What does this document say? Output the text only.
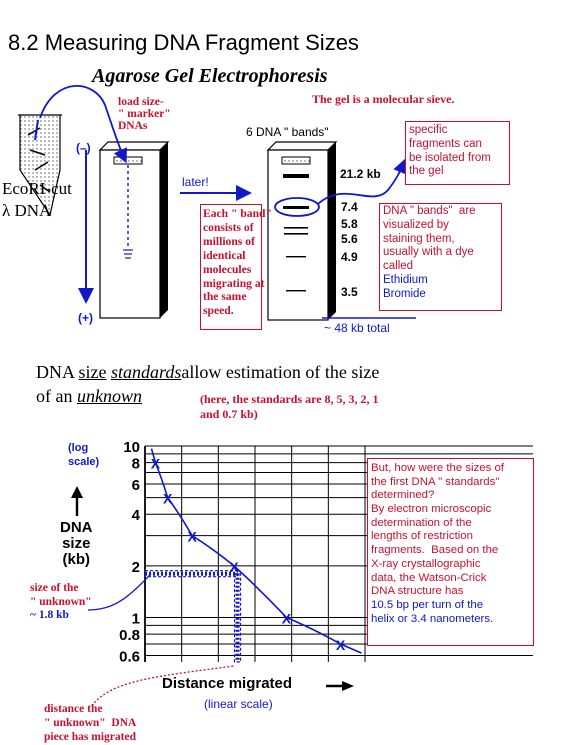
8.2 Measuring DNA Fragment Sizes
Agarose Gel Electrophoresis
load size-
" marker"
DNAs
The gel is a molecular sieve.
6 DNA " bands"	specific
fragments can
be isolated from
the gel
(–)
(+)
EcoRI-cut
λ DNA
later!
Each " band"
consists of
millions of
identical
molecules
migrating at
the same
speed.
21.2 kb
7.4
5.8
5.6
4.9
3.5
DNA " bands"  are
visualized by
staining them,
usually with a dye
called
Ethidium
Bromide
~ 48 kb total
DNA size standardsallow estimation of the size
of an unknown	(here, the standards are 8, 5, 3, 2, 1
and 0.7 kb)
10
8
6
4
2
1
0.8
0.6
X
X
X
X
X
X
(log
scale)
DNA
size
(kb)
Distance migrated
(linear scale)
But, how were the sizes of
the first DNA " standards"
determined?
By electron microscopic
determination of the
lengths of restriction
fragments.  Based on the
X-ray crystallographic
data, the Watson-Crick
DNA structure has
10.5 bp per turn of the
helix or 3.4 nanometers.
size of the
" unknown"
~ 1.8 kb
distance the
" unknown"  DNA
piece has migrated
